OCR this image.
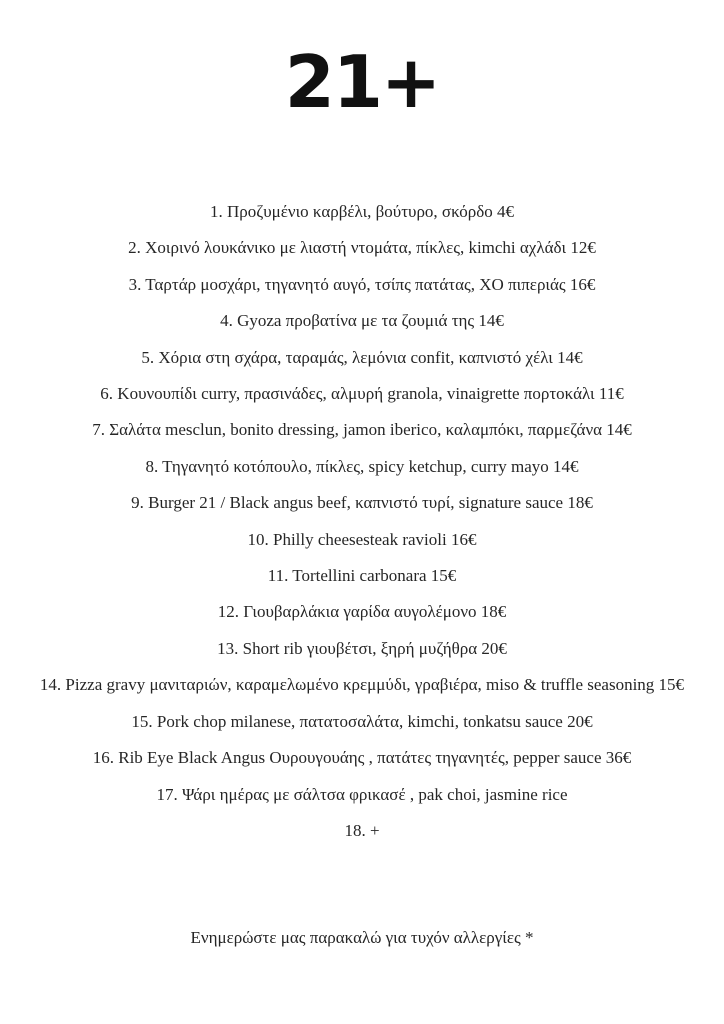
21+
1. Προζυμένιο καρβέλι, βούτυρο, σκόρδο 4€
2. Χοιρινό λουκάνικο με λιαστή ντομάτα, πίκλες, kimchi αχλάδι 12€
3. Ταρτάρ μοσχάρι, τηγανητό αυγό, τσίπς πατάτας, XO πιπεριάς 16€
4. Gyoza προβατίνα με τα ζουμιά της 14€
5. Χόρια στη σχάρα, ταραμάς, λεμόνια confit, καπνιστό χέλι 14€
6. Κουνουπίδι curry, πρασινάδες, αλμυρή granola, vinaigrette πορτοκάλι 11€
7. Σαλάτα mesclun, bonito dressing, jamon iberico, καλαμπόκι, παρμεζάνα 14€
8. Τηγανητό κοτόπουλο, πίκλες, spicy ketchup, curry mayo 14€
9. Burger 21 / Black angus beef, καπνιστό τυρί, signature sauce 18€
10. Philly cheesesteak ravioli 16€
11. Tortellini carbonara 15€
12. Γιουβαρλάκια γαρίδα αυγολέμονο 18€
13. Short rib γιουβέτσι, ξηρή μυζήθρα 20€
14. Pizza gravy μανιταριών, καραμελωμένο κρεμμύδι, γραβιέρα, miso & truffle seasoning 15€
15. Pork chop milanese, πατατοσαλάτα, kimchi, tonkatsu sauce 20€
16. Rib Eye Black Angus Ουρουγουάης , πατάτες τηγανητές, pepper sauce 36€
17. Ψάρι ημέρας με σάλτσα φρικασέ , pak choi, jasmine rice
18. +
Ενημερώστε μας παρακαλώ για τυχόν αλλεργίες *
